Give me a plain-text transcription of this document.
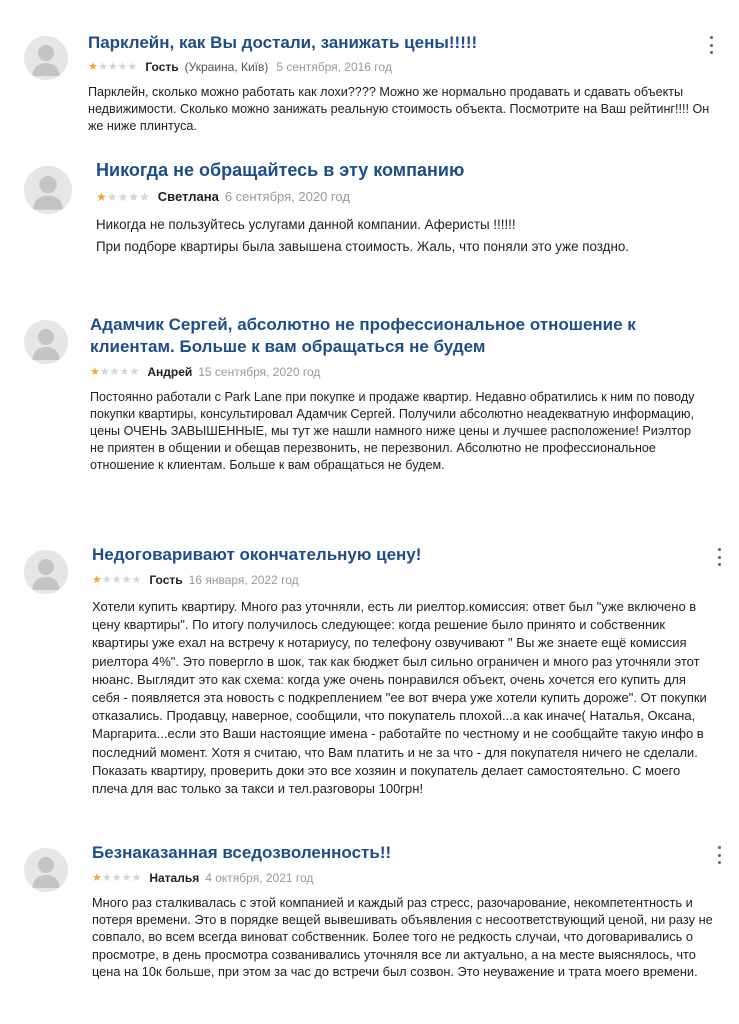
Парклейн, как Вы достали, занижать цены!!!!!
★★★★★ Гость (Украина, Київ) 5 сентября, 2016 год

Парклейн, сколько можно работать как лохи???? Можно же нормально продавать и сдавать объекты недвижимости. Сколько можно занижать реальную стоимость объекта. Посмотрите на Ваш рейтинг!!!! Он же ниже плинтуса.

Никогда не обращайтесь в эту компанию
★★★★★ Светлана 6 сентября, 2020 год

Никогда не пользуйтесь услугами данной компании. Аферисты !!!!!!

При подборе квартиры была завышена стоимость. Жаль, что поняли это уже поздно.

Адамчик Сергей, абсолютно не профессиональное отношение к клиентам. Больше к вам обращаться не будем
★★★★★ Андрей 15 сентября, 2020 год

Постоянно работали с Park Lane при покупке и продаже квартир. Недавно обратились к ним по поводу покупки квартиры, консультировал Адамчик Сергей. Получили абсолютно неадекватную информацию, цены ОЧЕНЬ ЗАВЫШЕННЫЕ, мы тут же нашли намного ниже цены и лучшее расположение! Риэлтор не приятен в общении и обещав перезвонить, не перезвонил. Абсолютно не профессиональное отношение к клиентам. Больше к вам обращаться не будем.

Недоговаривают окончательную цену!
★★★★★ Гость 16 января, 2022 год

Хотели купить квартиру. Много раз уточняли, есть ли риелтор.комиссия: ответ был "уже включено в цену квартиры". По итогу получилось следующее: когда решение было принято и собственник квартиры уже ехал на встречу к нотариусу, по телефону озвучивают " Вы же знаете ещё комиссия риелтора 4%". Это повергло в шок, так как бюджет был сильно ограничен и много раз уточняли этот нюанс. Выглядит это как схема: когда уже очень понравился объект, очень хочется его купить для себя - появляется эта новость с подкреплением "ее вот вчера уже хотели купить дороже". От покупки отказались. Продавцу, наверное, сообщили, что покупатель плохой...а как иначе( Наталья, Оксана, Маргарита...если это Ваши настоящие имена - работайте по честному и не сообщайте такую инфо в последний момент. Хотя я считаю, что Вам платить и не за что - для покупателя ничего не сделали. Показать квартиру, проверить доки это все хозяин и покупатель делает самостоятельно. С моего плеча для вас только за такси и тел.разговоры 100грн!

Безнаказанная вседозволенность!!
★★★★★ Наталья 4 октября, 2021 год

Много раз сталкивалась с этой компанией и каждый раз стресс, разочарование, некомпетентность и потеря времени. Это в порядке вещей вывешивать объявления с несоответствующий ценой, ни разу не совпало, во всем всегда виноват собственник. Более того не редкость случаи, что договаривались о просмотре, в день просмотра созванивались уточняля все ли актуально, а на месте выяснялось, что цена на 10к больше, при этом за час до встречи был созвон. Это неуважение и трата моего времени.
